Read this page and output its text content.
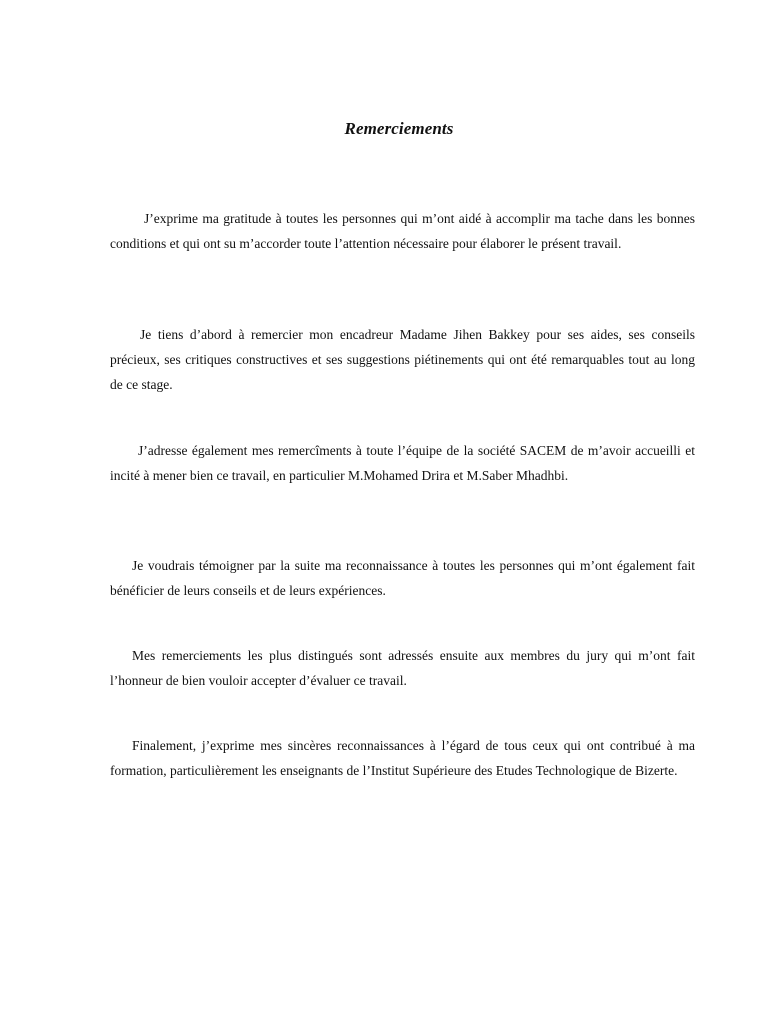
Remerciements

J’exprime ma gratitude à toutes les personnes qui m’ont aidé à accomplir ma tache dans les bonnes conditions et qui ont su m’accorder toute l’attention nécessaire pour élaborer le présent travail.

Je tiens d’abord à remercier mon encadreur Madame Jihen Bakkey pour ses aides, ses conseils précieux, ses critiques constructives et ses suggestions piétinements qui ont été remarquables tout au long de ce stage.

J’adresse également mes remercîments à toute l’équipe de la société SACEM de m’avoir accueilli et incité à mener bien ce travail, en particulier M.Mohamed Drira et M.Saber Mhadhbi.

Je voudrais témoigner par la suite ma reconnaissance à toutes les personnes qui m’ont également fait bénéficier de leurs conseils et de leurs expériences.

Mes remerciements les plus distingués sont adressés ensuite aux membres du jury qui m’ont fait l’honneur de bien vouloir accepter d’évaluer ce travail.

Finalement, j’exprime mes sincères reconnaissances à l’égard de tous ceux qui ont contribué à ma formation, particulièrement les enseignants de l’Institut Supérieure des Etudes Technologique de Bizerte.
